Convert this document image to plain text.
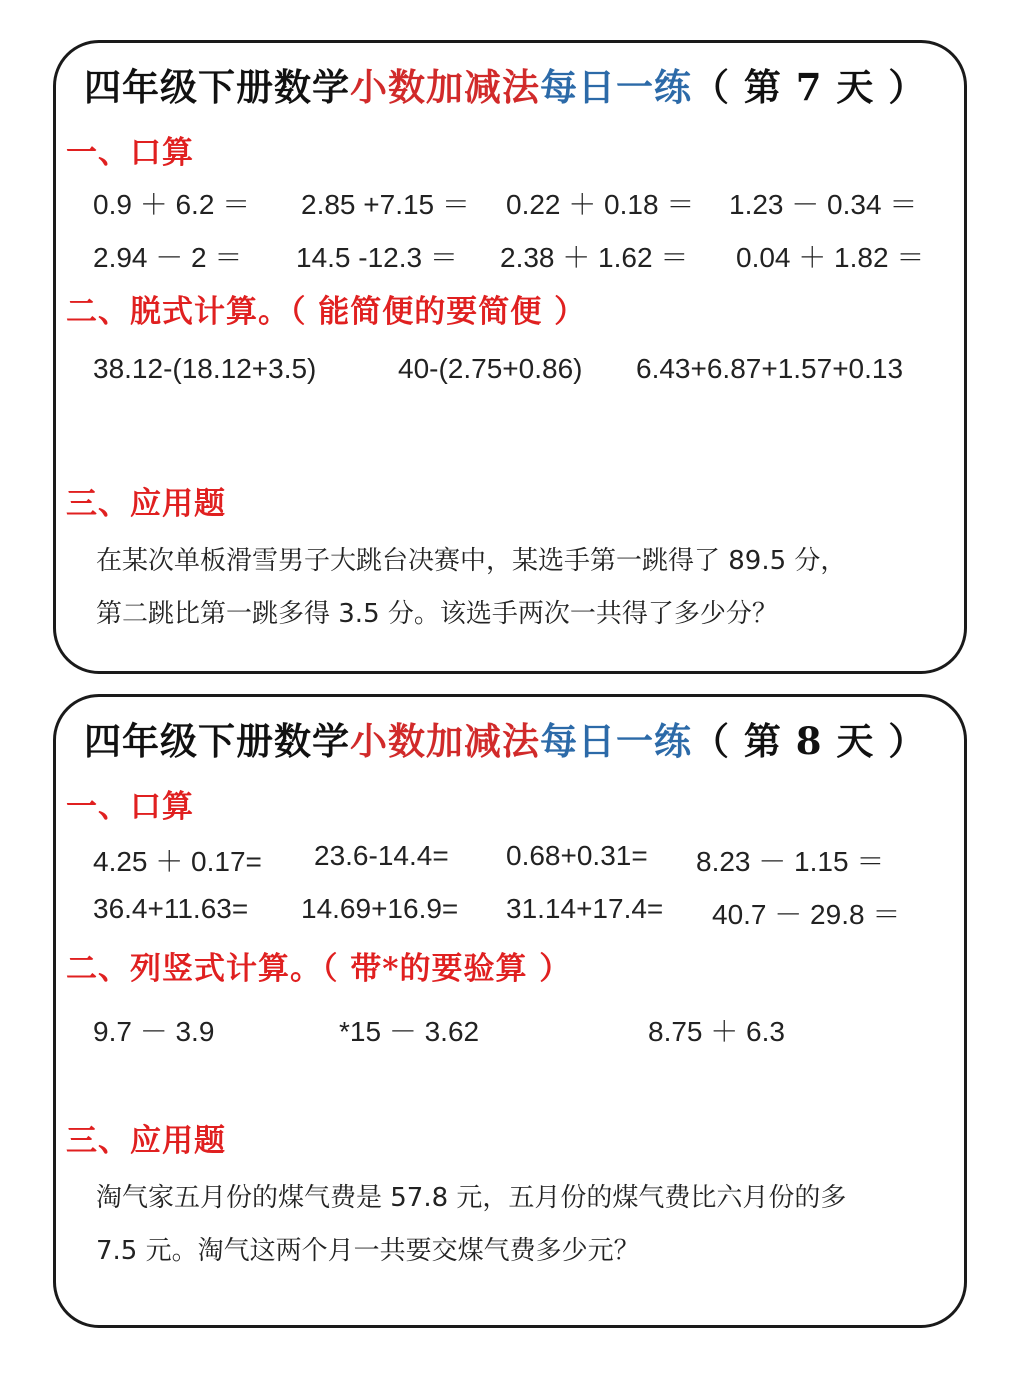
四年级下册数学小数加减法每日一练（ 第 7 天 ）
一、口算
0.9 ＋ 6.2 ＝ 2.85 +7.15 ＝ 0.22 ＋ 0.18 ＝ 1.23 － 0.34 ＝
2.94 － 2 ＝ 14.5 -12.3 ＝ 2.38 ＋ 1.62 ＝ 0.04 ＋ 1.82 ＝
二、脱式计算。（ 能简便的要简便 ）
38.12-(18.12+3.5)	40-(2.75+0.86) 6.43+6.87+1.57+0.13
三、应用题
在某次单板滑雪男子大跳台决赛中，某选手第一跳得了 89.5 分，
第二跳比第一跳多得 3.5 分。该选手两次一共得了多少分？
四年级下册数学小数加减法每日一练（ 第 8 天 ）
一、口算
4.25 ＋ 0.17= 23.6-14.4= 0.68+0.31= 8.23 － 1.15 ＝
36.4+11.63= 14.69+16.9= 31.14+17.4= 40.7 － 29.8 ＝
二、列竖式计算。（ 带*的要验算 ）
9.7 － 3.9	*15 － 3.62	8.75 ＋ 6.3
三、应用题
淘气家五月份的煤气费是 57.8 元，五月份的煤气费比六月份的多
7.5 元。淘气这两个月一共要交煤气费多少元？
